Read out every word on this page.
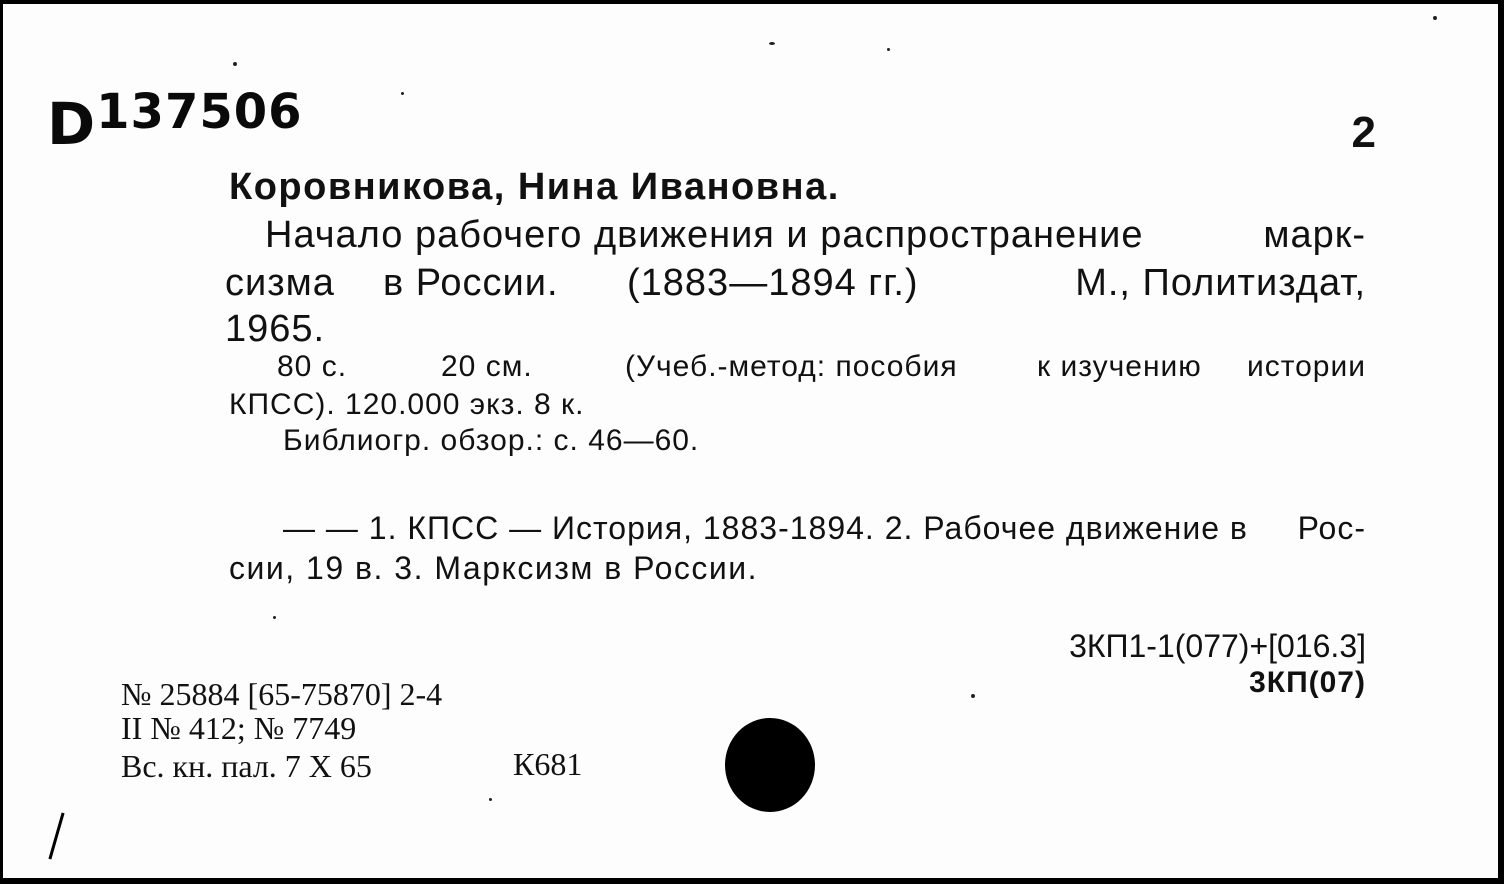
D137506	2
Коровникова, Нина Ивановна.
Начало рабочего движения и распространение	марк-
сизма в России. (1883—1894 гг.)	М., Политиздат,
1965.
80 с.	20 см.	(Учеб.-метод: пособия	к изучению истории
КПСС). 120.000 экз. 8 к.
Библиогр. обзор.: с. 46—60.
— — 1. КПСС — История, 1883-1894. 2. Рабочее движение в Рос-
сии, 19 в. 3. Марксизм в России.
3КП1-1(077)+[016.3]
3КП(07)
№ 25884 [65-75870] 2-4
II № 412; № 7749
Вс. кн. пал. 7 X 65	К681
